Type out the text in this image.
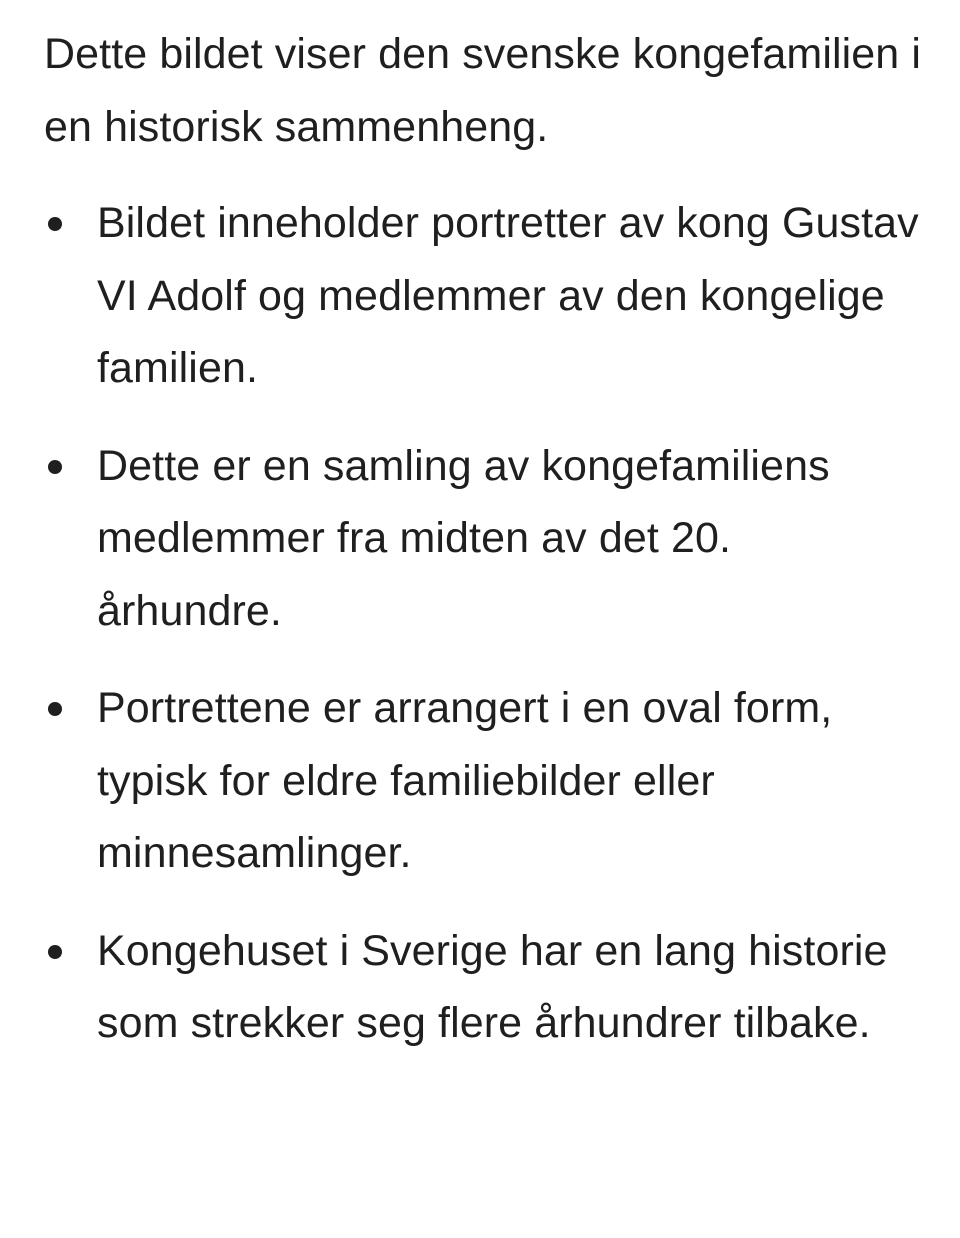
Dette bildet viser den svenske kongefamilien i en historisk sammenheng.

Bildet inneholder portretter av kong Gustav VI Adolf og medlemmer av den kongelige familien.
Dette er en samling av kongefamiliens medlemmer fra midten av det 20. århundre.
Portrettene er arrangert i en oval form, typisk for eldre familiebilder eller minnesamlinger.
Kongehuset i Sverige har en lang historie som strekker seg flere århundrer tilbake.
